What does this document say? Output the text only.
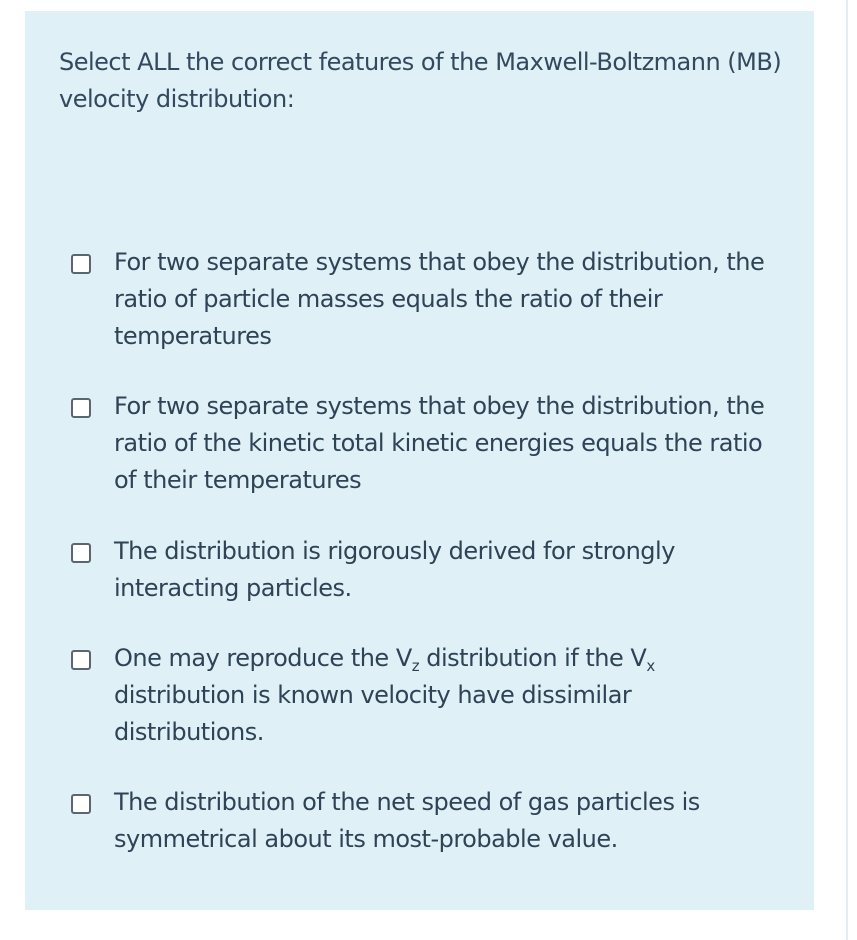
Select ALL the correct features of the Maxwell-Boltzmann (MB) velocity distribution:

For two separate systems that obey the distribution, the ratio of particle masses equals the ratio of their temperatures
For two separate systems that obey the distribution, the ratio of the kinetic total kinetic energies equals the ratio of their temperatures
The distribution is rigorously derived for strongly interacting particles.
One may reproduce the $V_z$ distribution if the $V_x$ distribution is known velocity have dissimilar distributions.
The distribution of the net speed of gas particles is symmetrical about its most-probable value.
